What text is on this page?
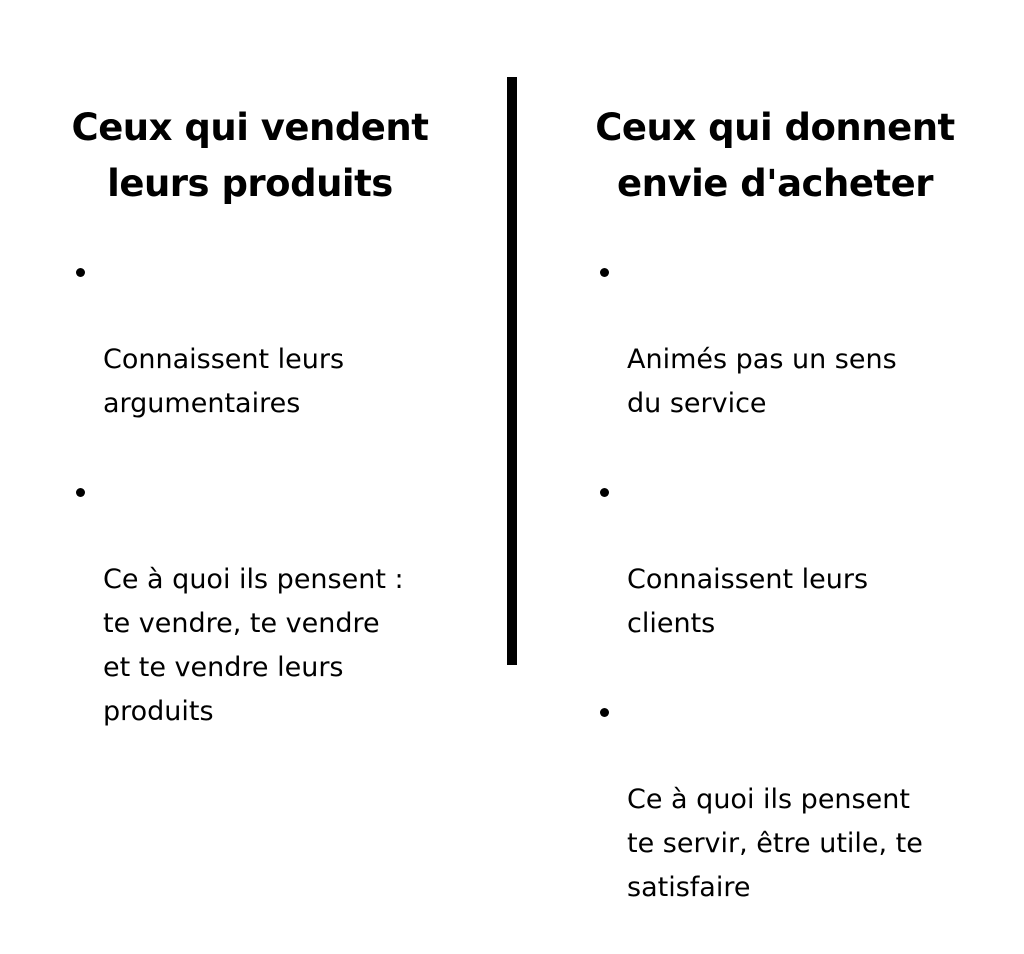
Ceux qui vendent
leurs produits

Connaissent leurs
argumentaires

Ce à quoi ils pensent :
te vendre, te vendre
et te vendre leurs
produits

Ceux qui donnent
envie d'acheter

Animés pas un sens
du service

Connaissent leurs
clients

Ce à quoi ils pensent
te servir, être utile, te
satisfaire
